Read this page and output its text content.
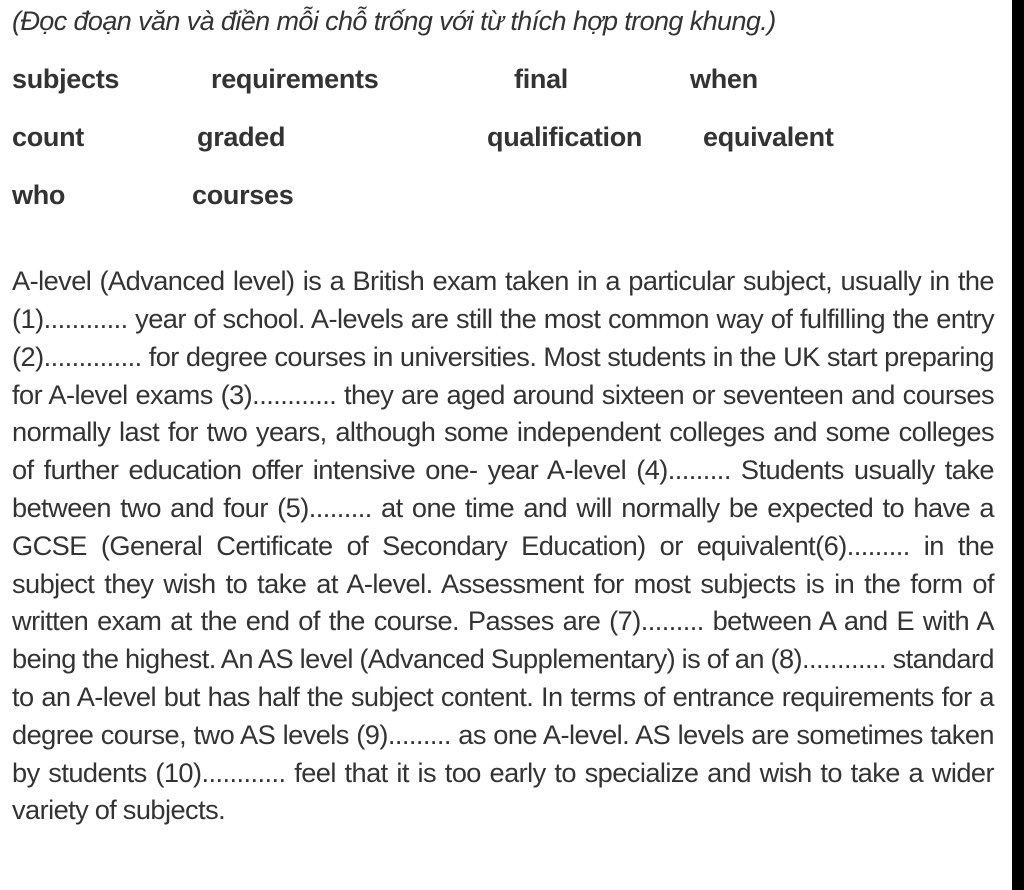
(Đọc đoạn văn và điền mỗi chỗ trống với từ thích hợp trong khung.)
subjects	requirements	final	when
count	graded	qualification equivalent
who	courses

A-level (Advanced level) is a British exam taken in a particular subject, usually in the (1)............ year of school. A-levels are still the most common way of fulfilling the entry (2).............. for degree courses in universities. Most students in the UK start preparing for A-level exams (3)............ they are aged around sixteen or seventeen and courses normally last for two years, although some independent colleges and some colleges of further education offer intensive one- year A-level (4)......... Students usually take between two and four (5)......... at one time and will normally be expected to have a GCSE (General Certificate of Secondary Education) or equivalent(6)......... in the subject they wish to take at A-level. Assessment for most subjects is in the form of written exam at the end of the course. Passes are (7)......... between A and E with A being the highest. An AS level (Advanced Supplementary) is of an (8)............ standard to an A-level but has half the subject content. In terms of entrance requirements for a degree course, two AS levels (9)......... as one A-level. AS levels are sometimes taken by students (10)............ feel that it is too early to specialize and wish to take a wider variety of subjects.
